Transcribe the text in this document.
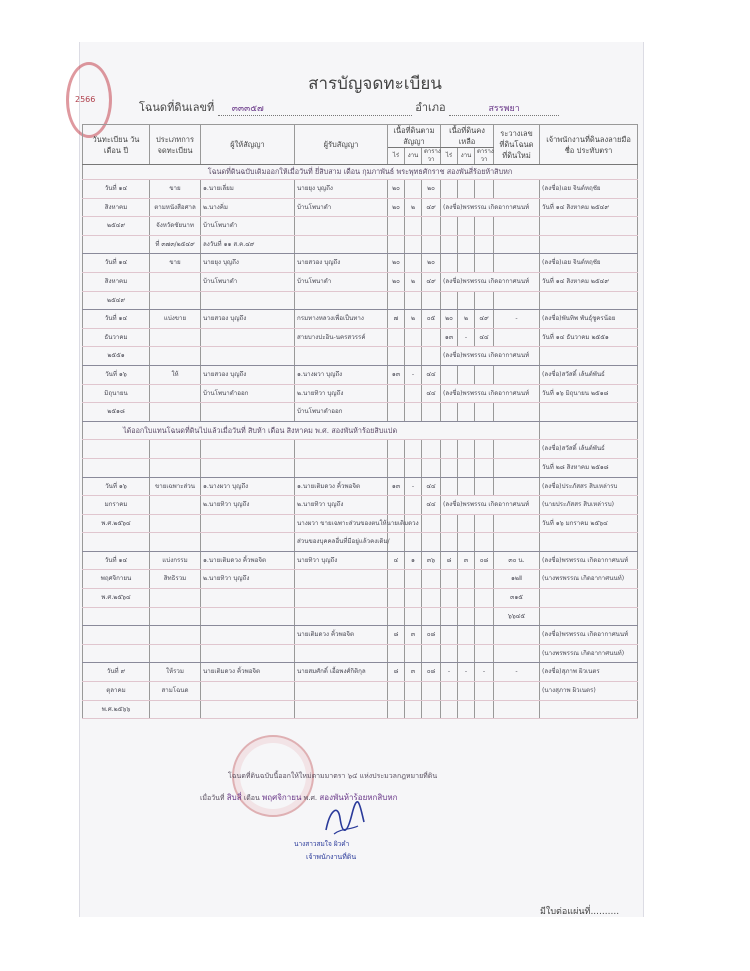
2566
สารบัญจดทะเบียน
โฉนดที่ดินเลขที่ ๓๓๓๕๗	อำเภอ	สรรพยา
วันทะเบียน วัน เดือน ปี	ประเภทการจดทะเบียน	ผู้ให้สัญญา	ผู้รับสัญญา	เนื้อที่ดินตามสัญญา			เนื้อที่ดินคงเหลือ			ระวางเลขที่ดินโฉนดที่ดินใหม่	เจ้าพนักงานที่ดินลงลายมือชื่อ ประทับตรา
				ไร่	งาน	ตารางวา	ไร่	งาน	ตารางวา		
โฉนดที่ดินฉบับเดิมออกให้เมื่อวันที่ ยี่สิบสาม เดือน กุมภาพันธ์ พระพุทธศักราช สองพันสี่ร้อยห้าสิบหก											
วันที่ ๑๔	ขาย	๑.นายเลี่ยม	นายยุง บุญถึง	๒๐		๒๐					(ลงชื่อ)เอย จินต์หฤชัย
สิงหาคม	ตามหนังสือศาล	๒.นางคิ่ม	บ้านโพนาดำ	๒๐	๒	๔๙	(ลงชื่อ)พรพรรณ เกิดอากาศนนท์				วันที่ ๑๔ สิงหาคม ๒๕๔๙
๒๕๔๙	จังหวัดชัยนาท	บ้านโพนาดำ									
	ที่ ๓๗๓/๒๕๔๙	ลงวันที่ ๑๑ ส.ค.๔๙									
วันที่ ๑๔	ขาย	นายยุง บุญถึง	นายสวอง บุญถึง	๒๐		๒๐					(ลงชื่อ)เอย จินต์หฤชัย
สิงหาคม		บ้านโพนาดำ	บ้านโพนาดำ	๒๐	๒	๔๙	(ลงชื่อ)พรพรรณ เกิดอากาศนนท์				วันที่ ๑๔ สิงหาคม ๒๕๔๙
๒๕๔๙											
วันที่ ๑๔	แบ่งขาย	นายสวอง บุญถึง	กรมทางหลวงเพื่อเป็นทาง	๗	๒	๐๕	๒๐	๒	๔๙	-	(ลงชื่อ)พันทิพ พันธุ์ชูครน้อย
ธันวาคม			สายบางปะอิน-นครสวรรค์				๑๓	-	๔๔		วันที่ ๑๔ ธันวาคม ๒๕๕๑
๒๕๕๑							(ลงชื่อ)พรพรรณ เกิดอากาศนนท์				
วันที่ ๑๖	ให้	นายสวอง บุญถึง	๑.นางผวา บุญถึง	๑๓	-	๔๔					(ลงชื่อ)สวัสดิ์ เล้นต์พันธ์
มิถุนายน		บ้านโพนาดำออก	๒.นายทิวา บุญถึง			๔๔	(ลงชื่อ)พรพรรณ เกิดอากาศนนท์				วันที่ ๑๖ มิถุนายน ๒๕๑๘
๒๕๑๘			บ้านโพนาดำออก								
ได้ออกใบแทนโฉนดที่ดินไปแล้วเมื่อวันที่ สิบห้า เดือน สิงหาคม พ.ศ. สองพันห้าร้อยสิบแปด											
											(ลงชื่อ)สวัสดิ์ เล้นต์พันธ์
											วันที่ ๒๘ สิงหาคม ๒๕๑๘
วันที่ ๑๖	ขายเฉพาะส่วน	๑.นางผวา บุญถึง	๑.นายเติมดวง คิ้วพอจิต	๑๓	-	๔๔					(ลงชื่อ)ประภัสสร สิบเหล่ารบ
มกราคม		๒.นายทิวา บุญถึง	๒.นายทิวา บุญถึง			๔๔	(ลงชื่อ)พรพรรณ เกิดอากาศนนท์				(นายประภัสสร สิบเหล่ารบ)
พ.ศ.๒๕๖๔			นางผวา ขายเฉพาะส่วนของตนให้นายเติมดวง								วันที่ ๑๖ มกราคม ๒๕๖๔
			ส่วนของบุคคลอื่นที่มีอยู่แล้วคงเดิม/								
วันที่ ๑๔	แบ่งกรรม	๑.นายเติมดวง คิ้วพอจิต	นายทิวา บุญถึง	๔	๑	๓๖	๘	๓	๐๘	๓๐ น.	(ลงชื่อ)พรพรรณ เกิดอากาศนนท์
พฤศจิกายน	สิทธิรวม	๒.นายทิวา บุญถึง								๑๒Ⅱ	(นางพรพรรณ เกิดอากาศนนท์)
พ.ศ.๒๕๖๔										๓๑๕	
										๖๖๔๕	
			นายเติมดวง คิ้วพอจิต	๘	๓	๐๘					(ลงชื่อ)พรพรรณ เกิดอากาศนนท์
											(นางพรพรรณ เกิดอากาศนนท์)
วันที่ ๙	ให้รวม	นายเติมดวง คิ้วพอจิต	นายสมศักดิ์ เอื้อพงศ์กิติกุล	๘	๓	๐๘	-	-	-	-	(ลงชื่อ)สุภาพ ผิวเนตร
ตุลาคม	สามโฉนด										(นางสุภาพ ผิวเนตร)
พ.ศ.๒๕๖๖											
โฉนดที่ดินฉบับนี้ออกให้ใหม่ตามมาตรา ๖๔ แห่งประมวลกฎหมายที่ดิน
เมื่อวันที่ สิบสี่ เดือน พฤศจิกายน พ.ศ. สองพันห้าร้อยหกสิบหก
นางสาวสมใจ ผิวคำ
เจ้าพนักงานที่ดิน
มีใบต่อแผ่นที่..........
